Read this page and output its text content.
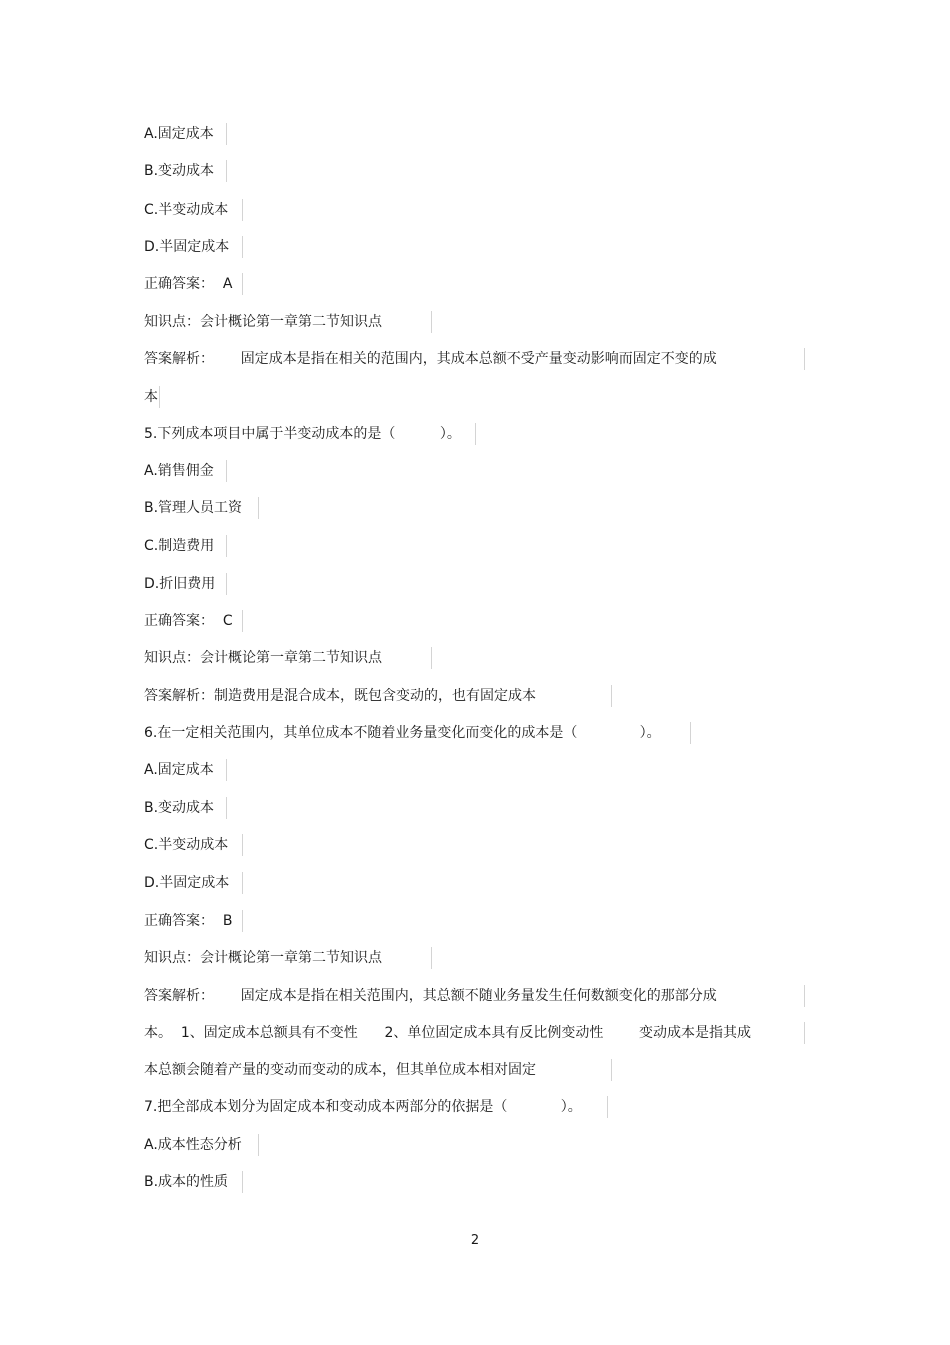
A.固定成本
B.变动成本
C.半变动成本
D.半固定成本
正确答案：  A
知识点：会计概论第一章第二节知识点
答案解析：      固定成本是指在相关的范围内，其成本总额不受产量变动影响而固定不变的成
本
5.下列成本项目中属于半变动成本的是（          ）。
A.销售佣金
B.管理人员工资
C.制造费用
D.折旧费用
正确答案：  C
知识点：会计概论第一章第二节知识点
答案解析：制造费用是混合成本，既包含变动的，也有固定成本
6.在一定相关范围内，其单位成本不随着业务量变化而变化的成本是（              ）。
A.固定成本
B.变动成本
C.半变动成本
D.半固定成本
正确答案：  B
知识点：会计概论第一章第二节知识点
答案解析：      固定成本是指在相关范围内，其总额不随业务量发生任何数额变化的那部分成
本。  1、固定成本总额具有不变性      2、单位固定成本具有反比例变动性        变动成本是指其成
本总额会随着产量的变动而变动的成本，但其单位成本相对固定
7.把全部成本划分为固定成本和变动成本两部分的依据是（            ）。
A.成本性态分析
B.成本的性质
2
